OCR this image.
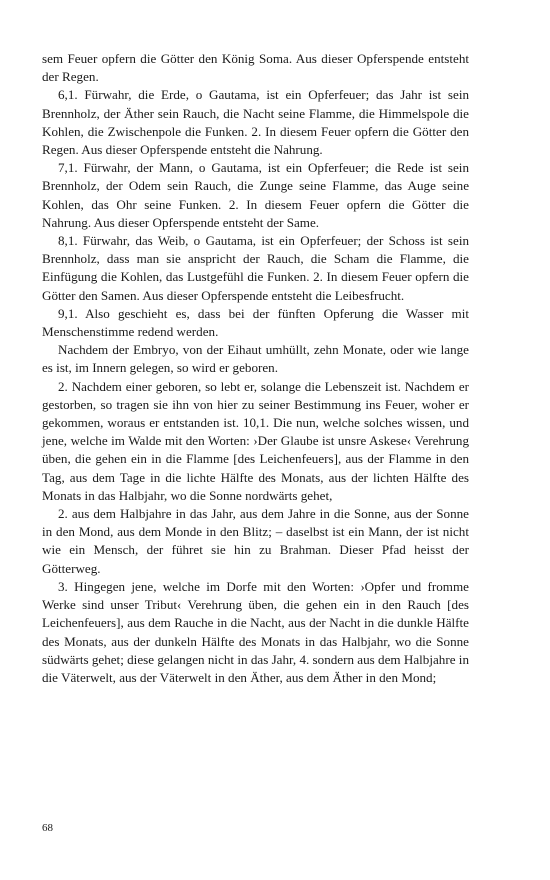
sem Feuer opfern die Götter den König Soma. Aus dieser Opferspende entsteht der Regen.

6,1. Fürwahr, die Erde, o Gautama, ist ein Opferfeuer; das Jahr ist sein Brennholz, der Äther sein Rauch, die Nacht seine Flamme, die Himmelspole die Kohlen, die Zwischenpole die Funken. 2. In diesem Feuer opfern die Götter den Regen. Aus dieser Opferspende entsteht die Nahrung.

7,1. Fürwahr, der Mann, o Gautama, ist ein Opferfeuer; die Rede ist sein Brennholz, der Odem sein Rauch, die Zunge seine Flamme, das Auge seine Kohlen, das Ohr seine Funken. 2. In diesem Feuer opfern die Götter die Nahrung. Aus dieser Opferspende entsteht der Same.

8,1. Fürwahr, das Weib, o Gautama, ist ein Opferfeuer; der Schoss ist sein Brennholz, dass man sie anspricht der Rauch, die Scham die Flamme, die Einfügung die Kohlen, das Lustgefühl die Funken. 2. In diesem Feuer opfern die Götter den Samen. Aus dieser Opferspende entsteht die Leibesfrucht.

9,1. Also geschieht es, dass bei der fünften Opferung die Wasser mit Menschenstimme redend werden.

Nachdem der Embryo, von der Eihaut umhüllt, zehn Monate, oder wie lange es ist, im Innern gelegen, so wird er geboren.

2. Nachdem einer geboren, so lebt er, solange die Lebenszeit ist. Nachdem er gestorben, so tragen sie ihn von hier zu seiner Bestimmung ins Feuer, woher er gekommen, woraus er entstanden ist. 10,1. Die nun, welche solches wissen, und jene, welche im Walde mit den Worten: ›Der Glaube ist unsre Askese‹ Verehrung üben, die gehen ein in die Flamme [des Leichenfeuers], aus der Flamme in den Tag, aus dem Tage in die lichte Hälfte des Monats, aus der lichten Hälfte des Monats in das Halbjahr, wo die Sonne nordwärts gehet,

2. aus dem Halbjahre in das Jahr, aus dem Jahre in die Sonne, aus der Sonne in den Mond, aus dem Monde in den Blitz; – daselbst ist ein Mann, der ist nicht wie ein Mensch, der führet sie hin zu Brahman. Dieser Pfad heisst der Götterweg.

3. Hingegen jene, welche im Dorfe mit den Worten: ›Opfer und fromme Werke sind unser Tribut‹ Verehrung üben, die gehen ein in den Rauch [des Leichenfeuers], aus dem Rauche in die Nacht, aus der Nacht in die dunkle Hälfte des Monats, aus der dunkeln Hälfte des Monats in das Halbjahr, wo die Sonne südwärts gehet; diese gelangen nicht in das Jahr, 4. sondern aus dem Halbjahre in die Väterwelt, aus der Väterwelt in den Äther, aus dem Äther in den Mond;

68
